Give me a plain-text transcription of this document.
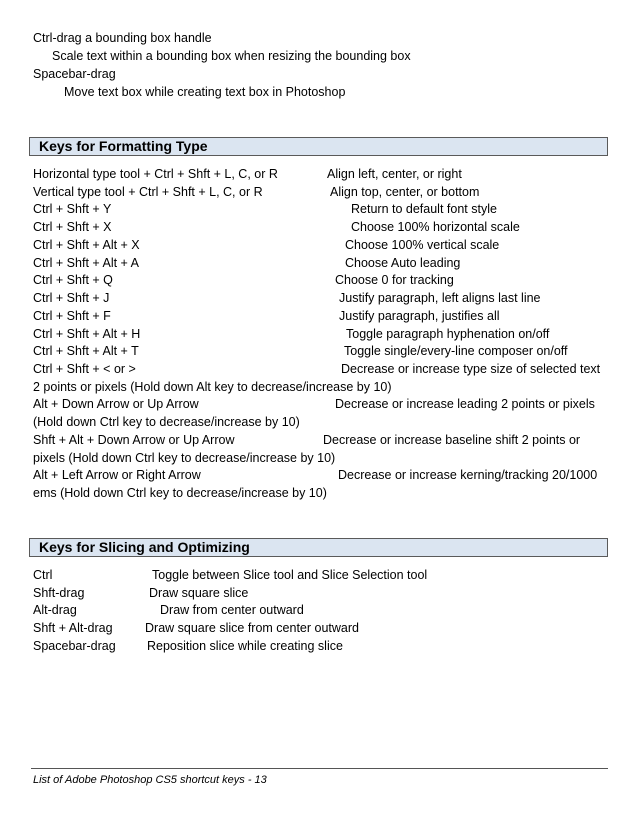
Ctrl-drag a bounding box handle
Scale text within a bounding box when resizing the bounding box
Spacebar-drag
Move text box while creating text box in Photoshop
Keys for Formatting Type
Horizontal type tool + Ctrl + Shft + L, C, or R	Align left, center, or right
Vertical type tool + Ctrl + Shft + L, C, or R	Align top, center, or bottom
Ctrl + Shft + Y	Return to default font style
Ctrl + Shft + X	Choose 100% horizontal scale
Ctrl + Shft + Alt + X	Choose 100% vertical scale
Ctrl + Shft + Alt + A	Choose Auto leading
Ctrl + Shft + Q	Choose 0 for tracking
Ctrl + Shft + J	Justify paragraph, left aligns last line
Ctrl + Shft + F	Justify paragraph, justifies all
Ctrl + Shft + Alt + H	Toggle paragraph hyphenation on/off
Ctrl + Shft + Alt + T	Toggle single/every-line composer on/off
Ctrl + Shft + < or >	Decrease or increase type size of selected text
2 points or pixels (Hold down Alt key to decrease/increase by 10)
Alt + Down Arrow or Up Arrow	Decrease or increase leading 2 points or pixels
(Hold down Ctrl key to decrease/increase by 10)
Shft + Alt + Down Arrow or Up Arrow	Decrease or increase baseline shift 2 points or
pixels (Hold down Ctrl key to decrease/increase by 10)
Alt + Left Arrow or Right Arrow	Decrease or increase kerning/tracking 20/1000
ems (Hold down Ctrl key to decrease/increase by 10)
Keys for Slicing and Optimizing
Ctrl	Toggle between Slice tool and Slice Selection tool
Shft-drag	Draw square slice
Alt-drag	Draw from center outward
Shft + Alt-drag	Draw square slice from center outward
Spacebar-drag	Reposition slice while creating slice
List of Adobe Photoshop CS5 shortcut keys - 13
